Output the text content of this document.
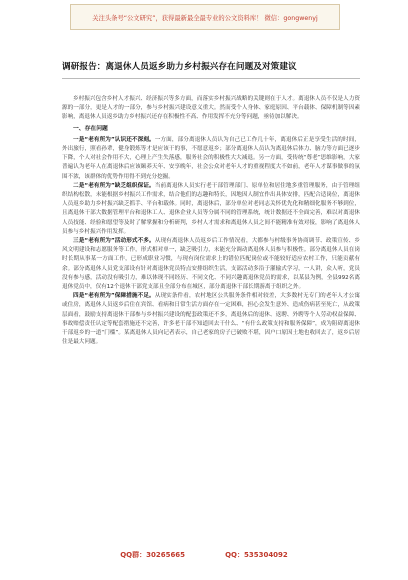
关注头条号“公文研究”，获得最新最全最专业的公文资料库！ 微信：gongwenyj
调研报告：离退休人员返乡助力乡村振兴存在问题及对策建议

乡村振兴包含乡村人才振兴、经济振兴等多方面，而落实乡村振兴战略的关键则在于人才。离退休人员不仅是人力资源的一部分，更是人才的一部分，参与乡村振兴建设意义重大。然而受个人身体、家庭原因、平台载体、保障机制等因素影响，离退休人员返乡助力乡村振兴还存在积极性不高、作用发挥不充分等问题，亟待加以解决。

一、存在问题

一是“老有所为”认识还不深刻。一方面，部分离退休人员认为自己已工作几十年，离退休后正是享受生活的时间，外出旅行，照看孙辈，健身锻炼等才是应该干的事，不愿意返乡；部分离退休人员认为离退休后体力、脑力等方面已逐步下降，个人对社会作用不大，心理上产生失落感，服务社会的积极性大大减退。另一方面，受传统“尊老”思维影响，大家普遍认为老年人在离退休后应该颐养天年、安享晚年，社会公众对老年人才的重视程度大不如前，老年人才谋事做事的氛围不浓，该群体的优势作用得不到充分挖掘。

二是“老有所为”缺乏组织保证。当前离退休人员实行老干部管理部门、原单位和居住地多重管理服务，由于管理组织结构松散，未能根据乡村振兴工作需求，结合他们的志趣和特长，因地因人制宜作出具体安排，匹配合适岗位，离退休人员返乡助力乡村振兴缺乏抓手、平台和载体。同时，离退休后，部分单位对老同志关怀优先化和精细化服务不够到位，且离退休干部大数据管理平台和退休工人、退休企业人员等分属不同的管理系统，统计数据还不全面完善，难以对离退休人员技能、经验和愿望等及时了解掌握和分析研判，乡村人才需求和离退休人员之间不能精准有效对接，影响了离退休人员参与乡村振兴作用发挥。

三是“老有所为”活动形式不多。从现有离退休人员返乡后工作情况看，大都参与村级事务协商调节、政策宣传、乡风文明建设和志愿服务等工作，形式相对单一，缺乏吸引力，未能充分调动离退休人员参与积极性。部分离退休人员在岗时长期从事某一方面工作，已形成职业习惯，与现有岗位需求上的错位匹配岗位或不能较好适应农村工作，只能贡献有余。部分离退休人员党支部设有针对离退休党员特点安排组织生活，支部活动多沿于灌输式学习，一人讲，众人听，党员没有参与感，活动没有吸引力，难以体现不同经历、不同文化、不同兴趣离退休党员的需求，以某县为例，全县992名离退休党员中，仅有12个退休干部党支部且全部分布在城区，部分离退休干部长期游离于组织之外。

四是“老有所为”保障措施不足。从现实条件看，农村地区公共服务条件相对较差，大多数村无专门的老年人才公寓或住房，离退休人员返乡后住在宾馆、看病和日常生活方面存在一定困难，担心会发生意外、造成伤病甚至死亡，从政策层面看，鼓励支持离退休干部参与乡村振兴建设的配套政策还不多，离退休后的退休、返聘、外聘等个人劳动权益保障、事故赔偿责任认定等配套措施还不完善，许多老干部不知道回去干什么、“有什么政策支持和服务保障”，成为阻碍离退休干部返乡的一道“门槛”。某离退休人员向记者表示，自己老家的房子已破败不堪，因户口原因土地也收回去了，返乡后居住是最大问题。

QQ群：30265665	QQ：535304092
